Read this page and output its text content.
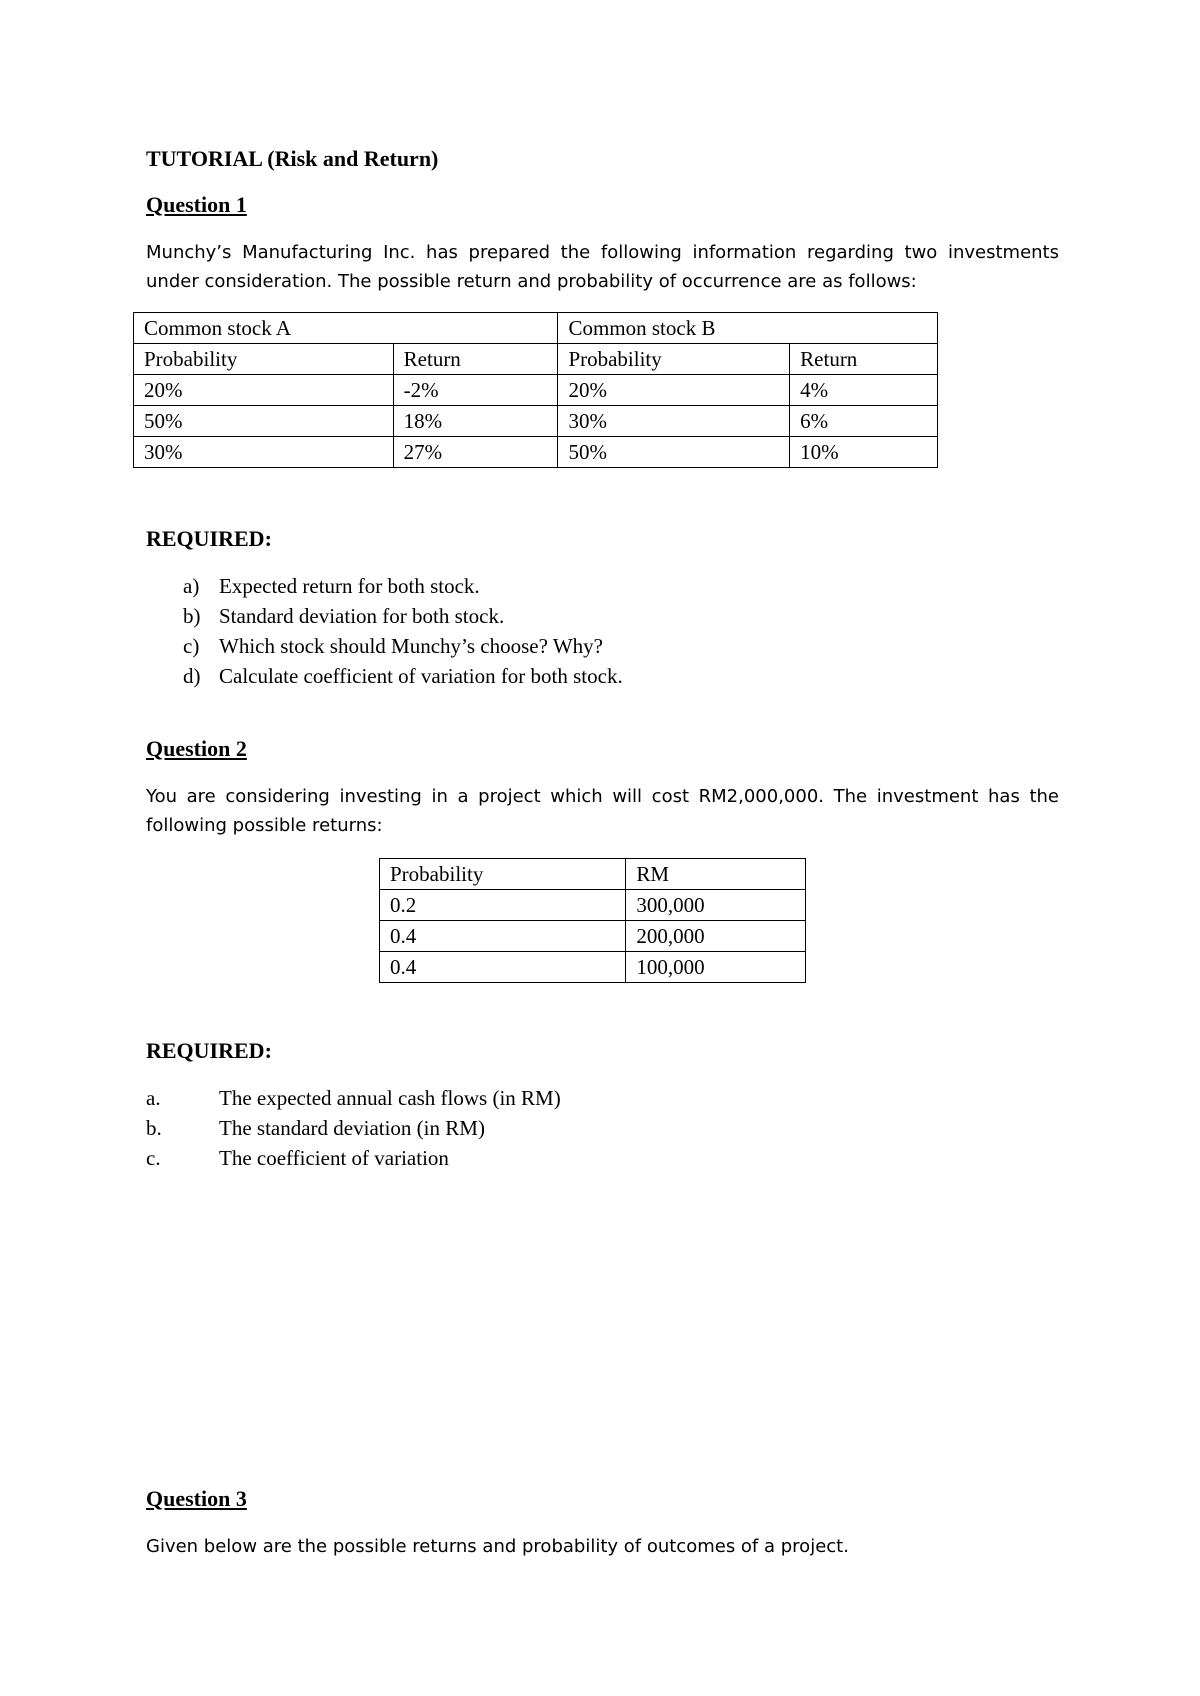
TUTORIAL (Risk and Return)
Question 1
Munchy’s Manufacturing Inc. has prepared the following information regarding two investments under consideration. The possible return and probability of occurrence are as follows:
Common stock A		Common stock B	
Probability	Return	Probability	Return
20%	-2%	20%	4%
50%	18%	30%	6%
30%	27%	50%	10%
REQUIRED:
a) Expected return for both stock.
b) Standard deviation for both stock.
c) Which stock should Munchy’s choose? Why?
d) Calculate coefficient of variation for both stock.
Question 2
You are considering investing in a project which will cost RM2,000,000. The investment has the following possible returns:
Probability	RM
0.2	300,000
0.4	200,000
0.4	100,000
REQUIRED:
a.	The expected annual cash flows (in RM)
b.	The standard deviation (in RM)
c.	The coefficient of variation
Question 3
Given below are the possible returns and probability of outcomes of a project.
